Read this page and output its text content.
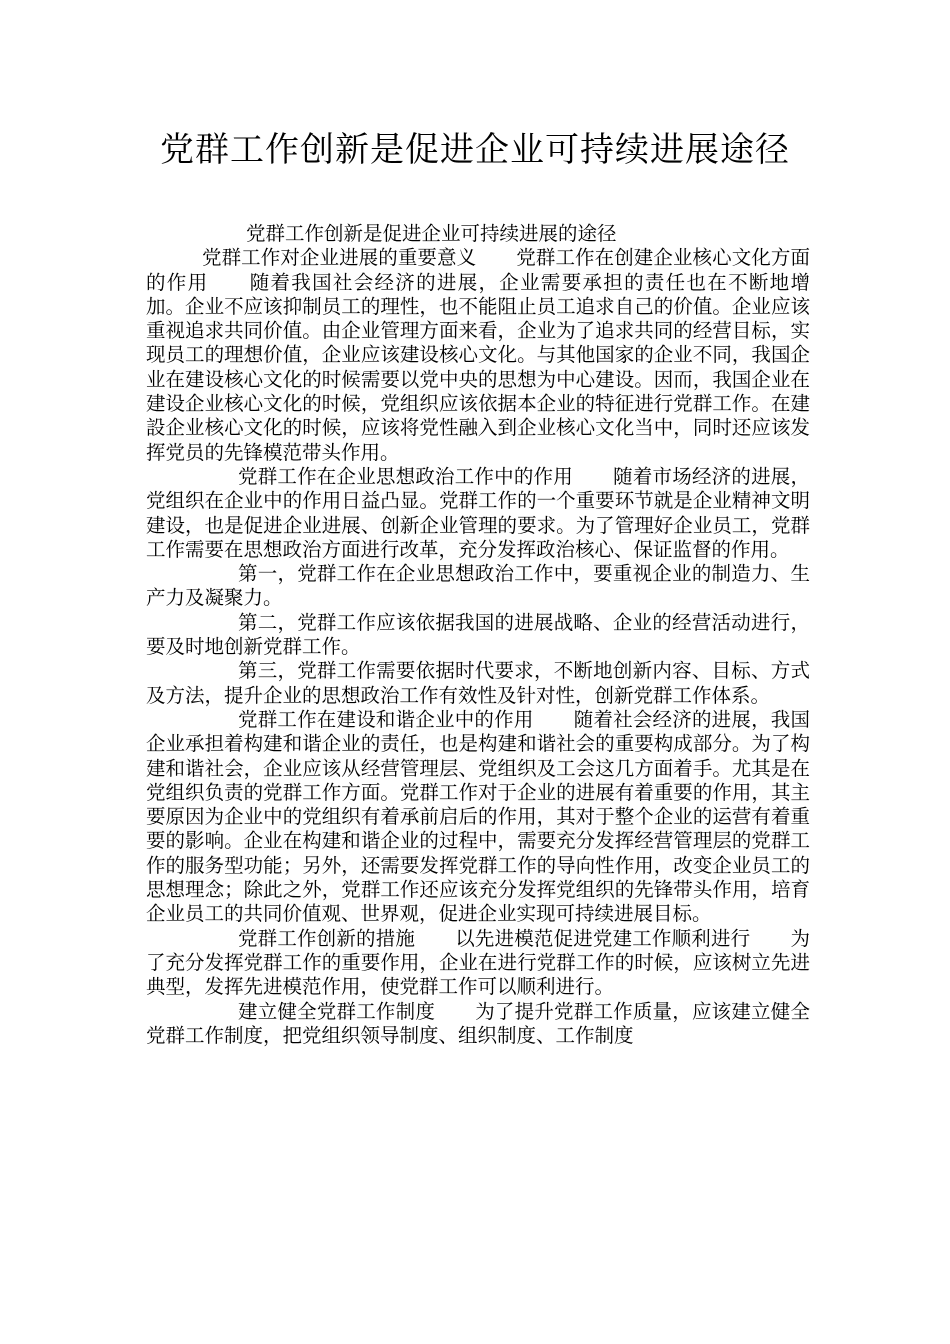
党群工作创新是促进企业可持续进展途径

党群工作创新是促进企业可持续进展的途径

党群工作对企业进展的重要意义 党群工作在创建企业核心文化方面的作用 随着我国社会经济的进展，企业需要承担的责任也在不断地增加。企业不应该抑制员工的理性，也不能阻止员工追求自己的价值。企业应该重视追求共同价值。由企业管理方面来看，企业为了追求共同的经营目标，实现员工的理想价值，企业应该建设核心文化。与其他国家的企业不同，我国企业在建设核心文化的时候需要以党中央的思想为中心建设。因而，我国企业在建设企业核心文化的时候，党组织应该依据本企业的特征进行党群工作。在建設企业核心文化的时候，应该将党性融入到企业核心文化当中，同时还应该发挥党员的先锋模范带头作用。

党群工作在企业思想政治工作中的作用 随着市场经济的进展，党组织在企业中的作用日益凸显。党群工作的一个重要环节就是企业精神文明建设，也是促进企业进展、创新企业管理的要求。为了管理好企业员工，党群工作需要在思想政治方面进行改革，充分发挥政治核心、保证监督的作用。

第一，党群工作在企业思想政治工作中，要重视企业的制造力、生产力及凝聚力。

第二，党群工作应该依据我国的进展战略、企业的经营活动进行，要及时地创新党群工作。

第三，党群工作需要依据时代要求，不断地创新内容、目标、方式及方法，提升企业的思想政治工作有效性及针对性，创新党群工作体系。

党群工作在建设和谐企业中的作用 随着社会经济的进展，我国企业承担着构建和谐企业的责任，也是构建和谐社会的重要构成部分。为了构建和谐社会，企业应该从经营管理层、党组织及工会这几方面着手。尤其是在党组织负责的党群工作方面。党群工作对于企业的进展有着重要的作用，其主要原因为企业中的党组织有着承前启后的作用，其对于整个企业的运营有着重要的影响。企业在构建和谐企业的过程中，需要充分发挥经营管理层的党群工作的服务型功能；另外，还需要发挥党群工作的导向性作用，改变企业员工的思想理念；除此之外，党群工作还应该充分发挥党组织的先锋带头作用，培育企业员工的共同价值观、世界观，促进企业实现可持续进展目标。

党群工作创新的措施 以先进模范促进党建工作顺利进行 为了充分发挥党群工作的重要作用，企业在进行党群工作的时候，应该树立先进典型，发挥先进模范作用，使党群工作可以顺利进行。

建立健全党群工作制度 为了提升党群工作质量，应该建立健全党群工作制度，把党组织领导制度、组织制度、工作制度
